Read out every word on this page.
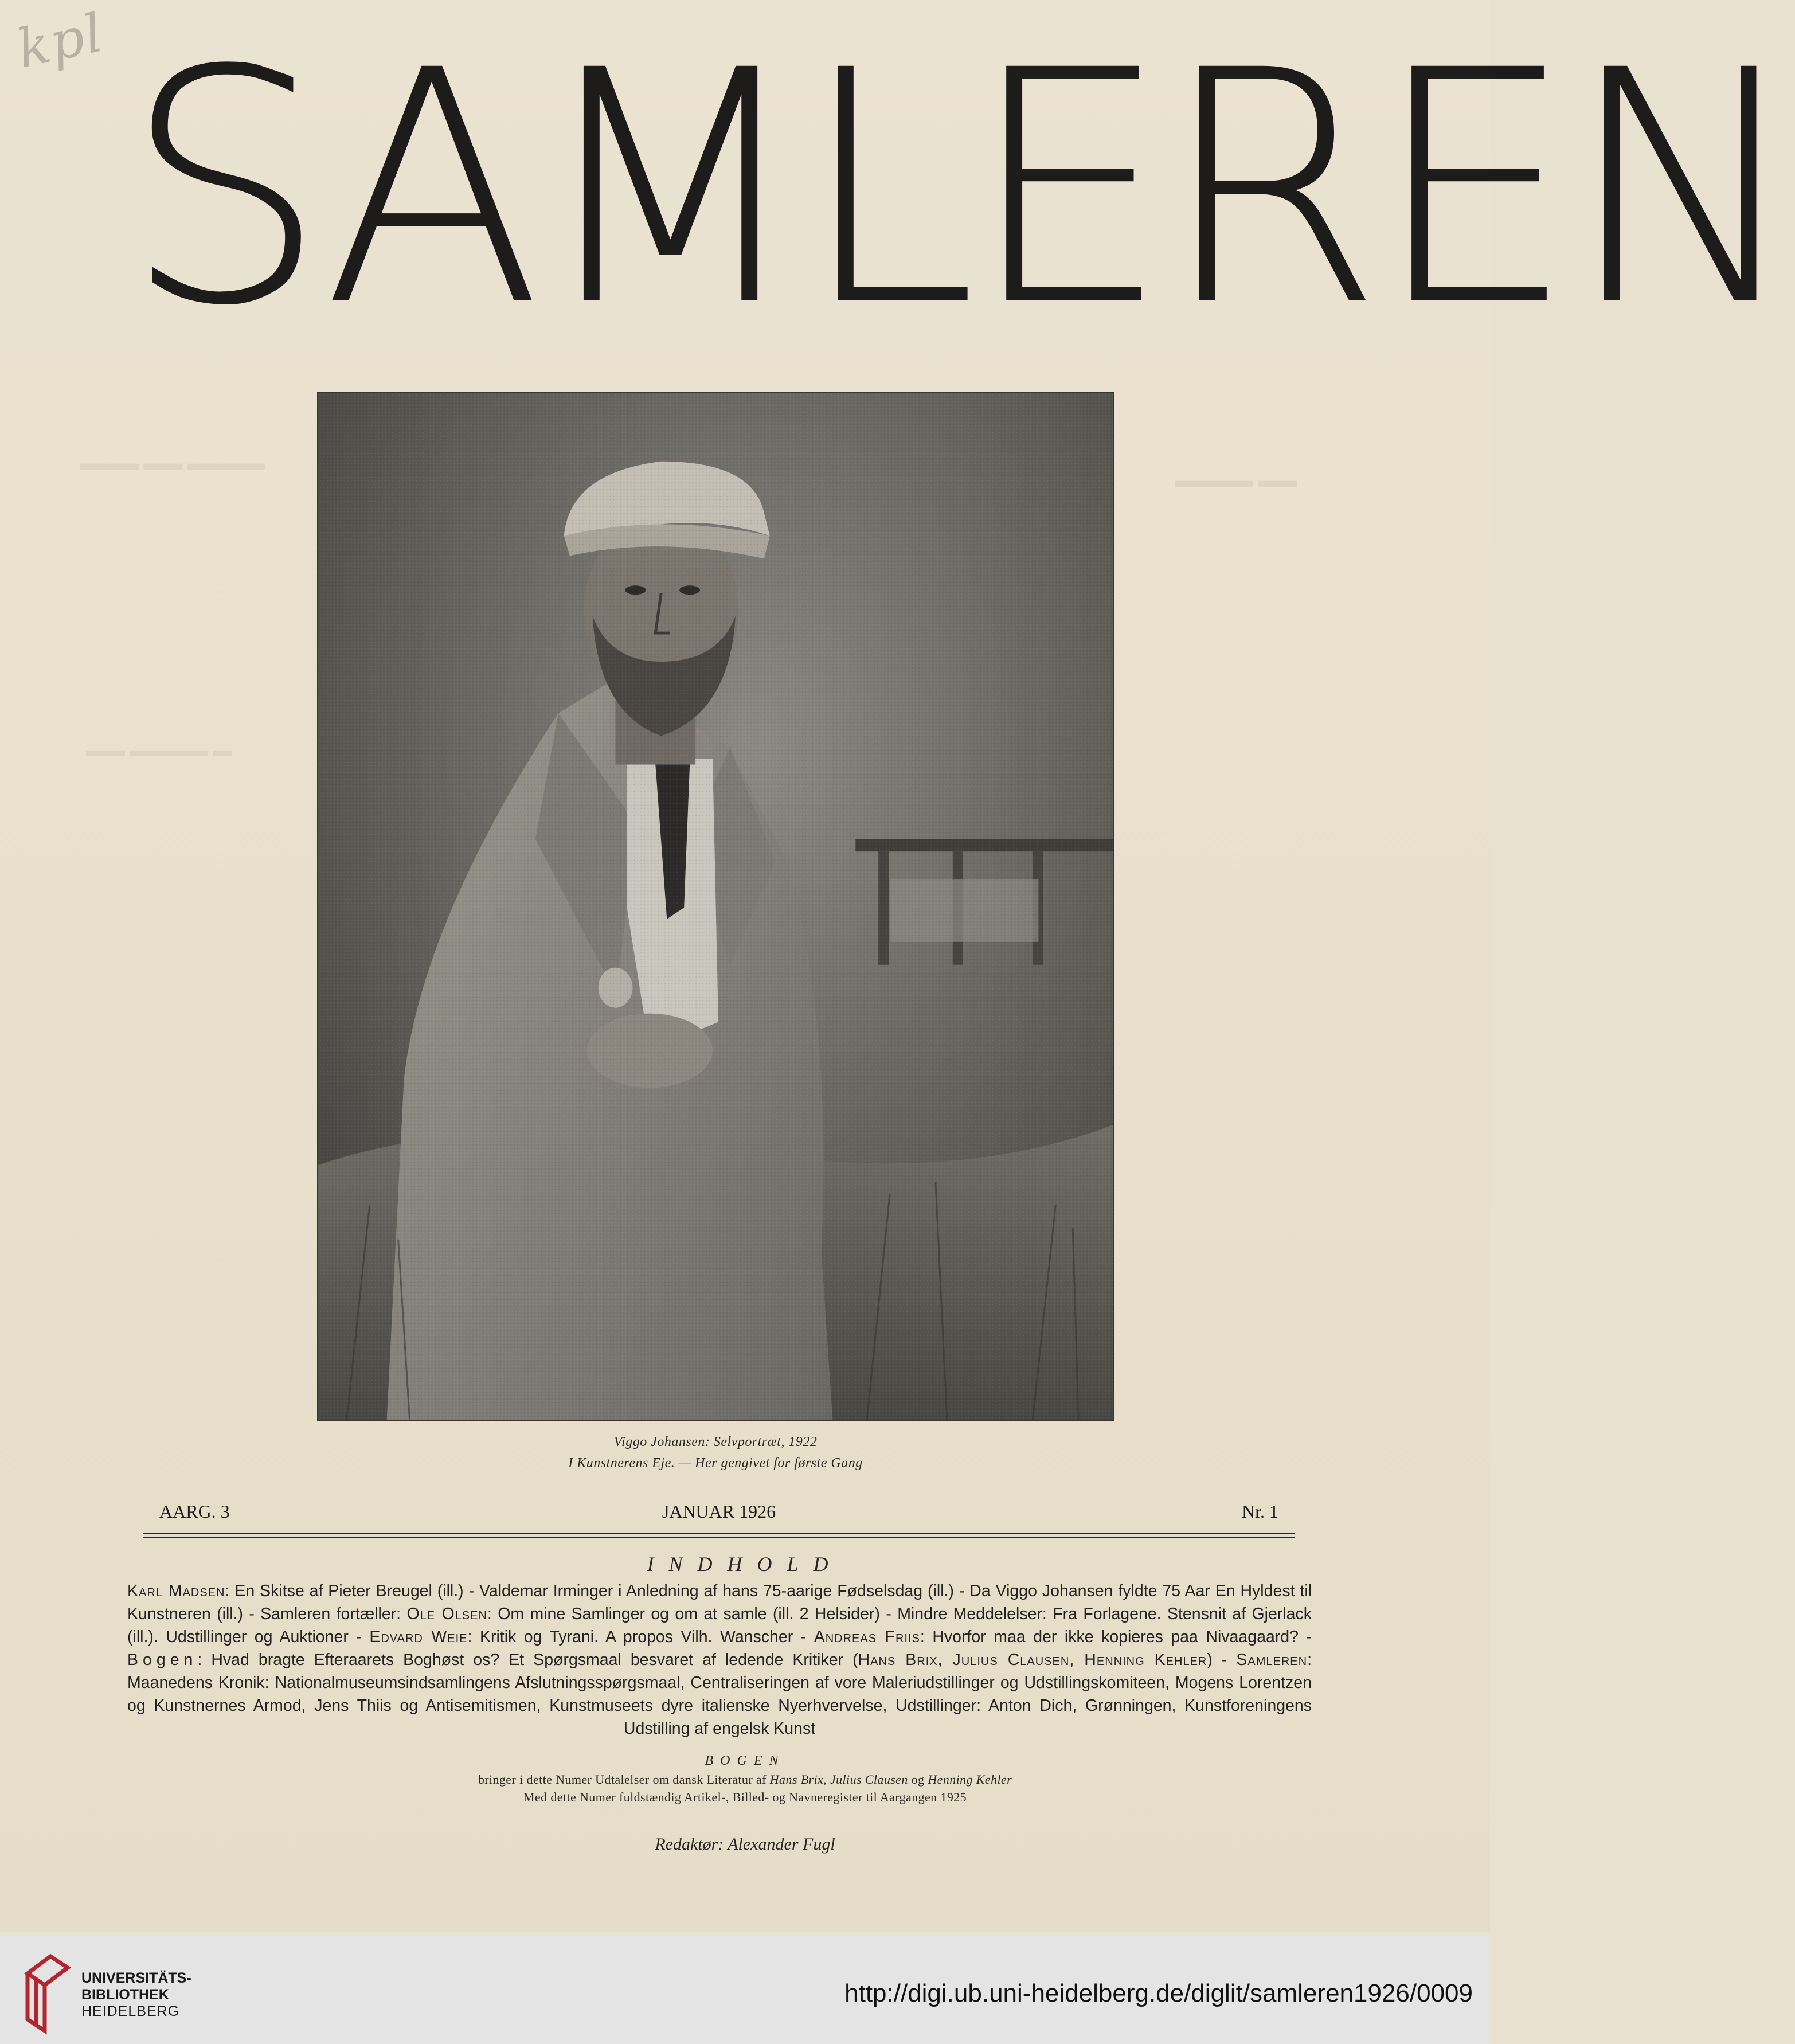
kpl
▬▬▬ ▬▬ ▬▬▬▬
▬▬▬▬ ▬▬
▬▬ ▬▬▬▬ ▬
SAMLEREN
Viggo Johansen: Selvportræt, 1922
I Kunstnerens Eje. — Her gengivet for første Gang
AARG. 3	JANUAR 1926	Nr. 1
INDHOLD
Karl Madsen: En Skitse af Pieter Breugel (ill.) - Valdemar Irminger i Anledning af hans 75-aarige Fødselsdag (ill.) - Da Viggo Johansen fyldte 75 Aar En Hyldest til Kunstneren (ill.) - Samleren fortæller: Ole Olsen: Om mine Samlinger og om at samle (ill. 2 Helsider) - Mindre Meddelelser: Fra Forlagene. Stensnit af Gjerlack (ill.). Udstillinger og Auktioner - Edvard Weie: Kritik og Tyrani. A propos Vilh. Wanscher - Andreas Friis: Hvorfor maa der ikke kopieres paa Nivaagaard? - Bogen: Hvad bragte Efteraarets Boghøst os? Et Spørgsmaal besvaret af ledende Kritiker (Hans Brix, Julius Clausen, Henning Kehler) - Samleren: Maanedens Kronik: Nationalmuseumsindsamlingens Afslutningsspørgsmaal, Centraliseringen af vore Maleriudstillinger og Udstillingskomiteen, Mogens Lorentzen og Kunstnernes Armod, Jens Thiis og Antisemitismen, Kunstmuseets dyre italienske Nyerhvervelse, Udstillinger: Anton Dich, Grønningen, Kunstforeningens Udstilling af engelsk Kunst
BOGEN
bringer i dette Numer Udtalelser om dansk Literatur af Hans Brix, Julius Clausen og Henning Kehler
Med dette Numer fuldstændig Artikel-, Billed- og Navneregister til Aargangen 1925
Redaktør: Alexander Fugl
UNIVERSITÄTS-
BIBLIOTHEK
HEIDELBERG
http://digi.ub.uni-heidelberg.de/diglit/samleren1926/0009
